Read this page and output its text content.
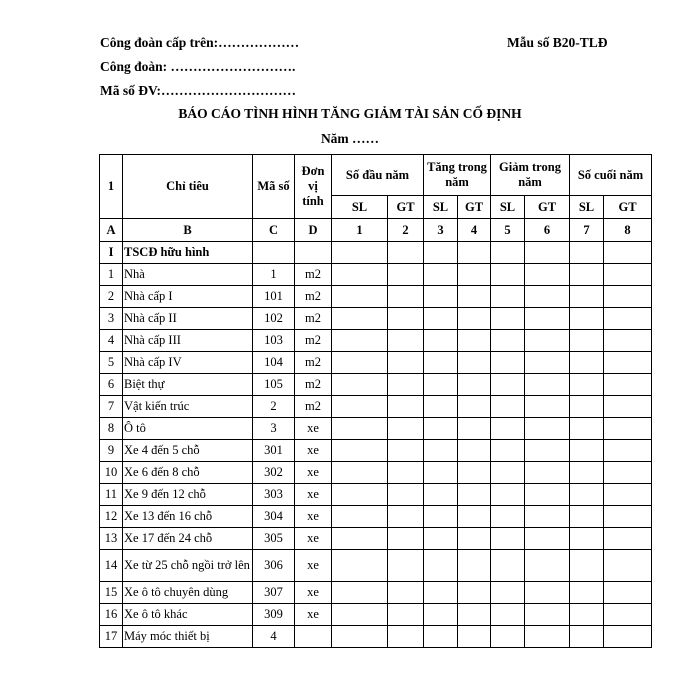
Công đoàn cấp trên:………………	Mẫu số B20-TLĐ
Công đoàn: ……………………….
Mã số ĐV:…………………………
BÁO CÁO TÌNH HÌNH TĂNG GIẢM TÀI SẢN CỐ ĐỊNH
Năm ……
1	Chỉ tiêu	Mã số	Đơn vị tính	Số đầu năm		Tăng trong năm		Giảm trong năm		Số cuối năm	
				SL	GT	SL	GT	SL	GT	SL	GT
A	B	C	D	1	2	3	4	5	6	7	8
I	TSCĐ hữu hình										
1	Nhà	1	m2								
2	Nhà cấp I	101	m2								
3	Nhà cấp II	102	m2								
4	Nhà cấp III	103	m2								
5	Nhà cấp IV	104	m2								
6	Biệt thự	105	m2								
7	Vật kiến trúc	2	m2								
8	Ô tô	3	xe								
9	Xe 4 đến 5 chỗ	301	xe								
10	Xe 6 đến 8 chỗ	302	xe								
11	Xe 9 đến 12 chỗ	303	xe								
12	Xe 13 đến 16 chỗ	304	xe								
13	Xe 17 đến 24 chỗ	305	xe								
14	Xe từ 25 chỗ ngồi trở lên	306	xe								
15	Xe ô tô chuyên dùng	307	xe								
16	Xe ô tô khác	309	xe								
17	Máy móc thiết bị	4									
